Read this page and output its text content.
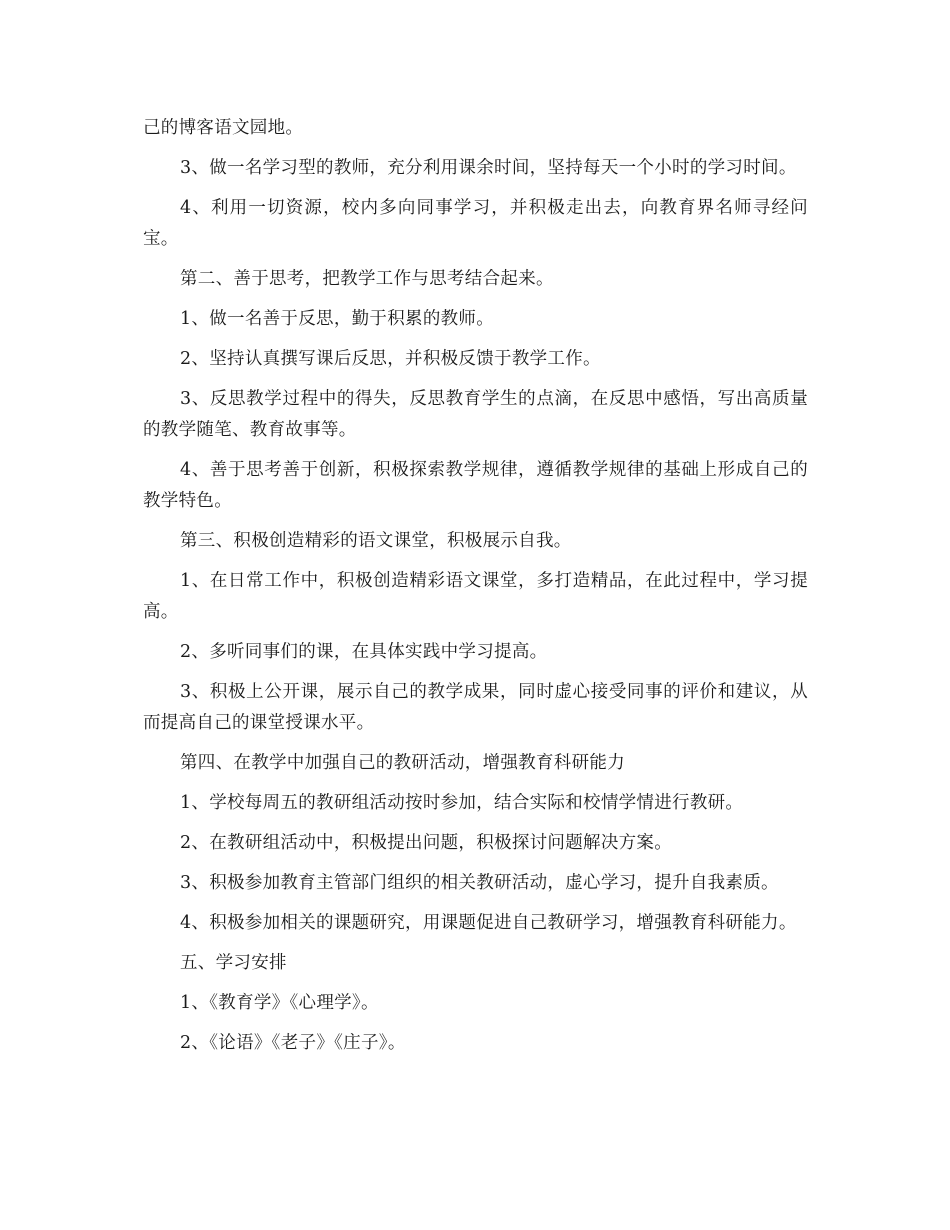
己的博客语文园地。

3、做一名学习型的教师，充分利用课余时间，坚持每天一个小时的学习时间。

4、利用一切资源，校内多向同事学习，并积极走出去，向教育界名师寻经问宝。

第二、善于思考，把教学工作与思考结合起来。

1、做一名善于反思，勤于积累的教师。

2、坚持认真撰写课后反思，并积极反馈于教学工作。

3、反思教学过程中的得失，反思教育学生的点滴，在反思中感悟，写出高质量的教学随笔、教育故事等。

4、善于思考善于创新，积极探索教学规律，遵循教学规律的基础上形成自己的教学特色。

第三、积极创造精彩的语文课堂，积极展示自我。

1、在日常工作中，积极创造精彩语文课堂，多打造精品，在此过程中，学习提高。

2、多听同事们的课，在具体实践中学习提高。

3、积极上公开课，展示自己的教学成果，同时虚心接受同事的评价和建议，从而提高自己的课堂授课水平。

第四、在教学中加强自己的教研活动，增强教育科研能力

1、学校每周五的教研组活动按时参加，结合实际和校情学情进行教研。

2、在教研组活动中，积极提出问题，积极探讨问题解决方案。

3、积极参加教育主管部门组织的相关教研活动，虚心学习，提升自我素质。

4、积极参加相关的课题研究，用课题促进自己教研学习，增强教育科研能力。

五、学习安排

1、《教育学》《心理学》。

2、《论语》《老子》《庄子》。
